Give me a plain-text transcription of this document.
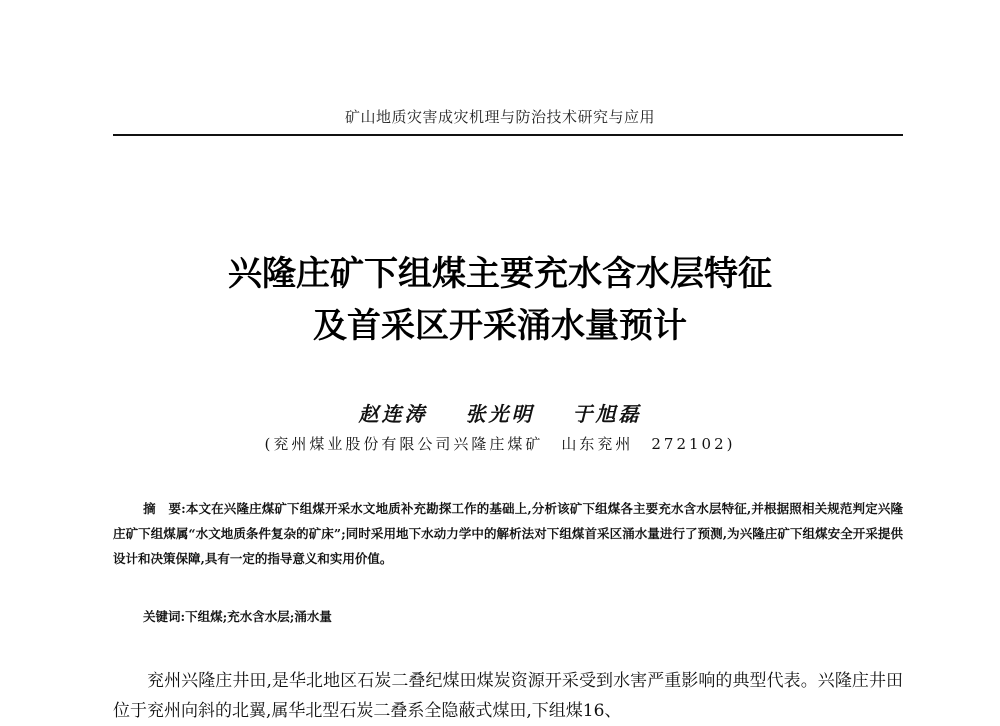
矿山地质灾害成灾机理与防治技术研究与应用
兴隆庄矿下组煤主要充水含水层特征
及首采区开采涌水量预计
赵连涛 张光明 于旭磊
(兖州煤业股份有限公司兴隆庄煤矿　山东兖州　272102)
摘　要:本文在兴隆庄煤矿下组煤开采水文地质补充勘探工作的基础上,分析该矿下组煤各主要充水含水层特征,并根据照相关规范判定兴隆庄矿下组煤属“水文地质条件复杂的矿床”;同时采用地下水动力学中的解析法对下组煤首采区涌水量进行了预测,为兴隆庄矿下组煤安全开采提供设计和决策保障,具有一定的指导意义和实用价值。
关键词:下组煤;充水含水层;涌水量
兖州兴隆庄井田,是华北地区石炭二叠纪煤田煤炭资源开采受到水害严重影响的典型代表。兴隆庄井田位于兖州向斜的北翼,属华北型石炭二叠系全隐蔽式煤田,下组煤16、
